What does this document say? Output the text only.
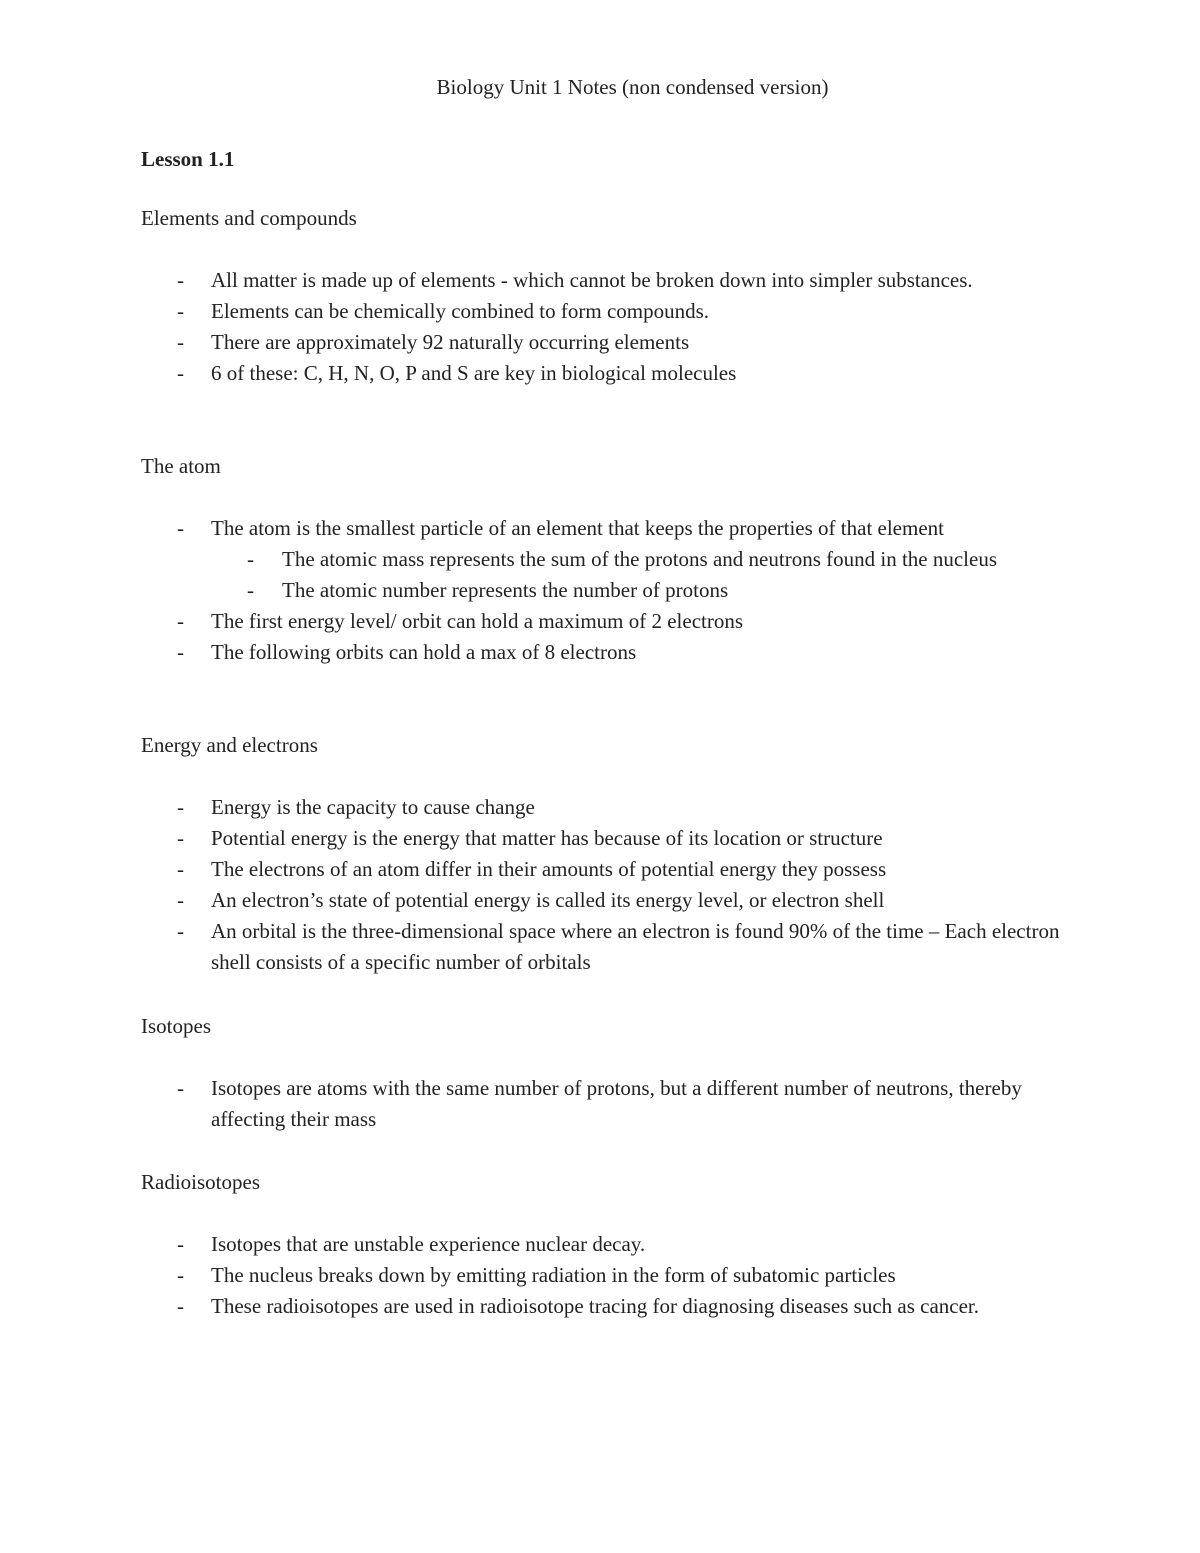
Biology Unit 1 Notes (non condensed version)
Lesson 1.1
Elements and compounds
- All matter is made up of elements - which cannot be broken down into simpler substances.
- Elements can be chemically combined to form compounds.
- There are approximately 92 naturally occurring elements
- 6 of these: C, H, N, O, P and S are key in biological molecules
The atom
- The atom is the smallest particle of an element that keeps the properties of that element
- The atomic mass represents the sum of the protons and neutrons found in the nucleus
- The atomic number represents the number of protons
- The first energy level/ orbit can hold a maximum of 2 electrons
- The following orbits can hold a max of 8 electrons
Energy and electrons
- Energy is the capacity to cause change
- Potential energy is the energy that matter has because of its location or structure
- The electrons of an atom differ in their amounts of potential energy they possess
- An electron’s state of potential energy is called its energy level, or electron shell
- An orbital is the three-dimensional space where an electron is found 90% of the time – Each electron shell consists of a specific number of orbitals
Isotopes
- Isotopes are atoms with the same number of protons, but a different number of neutrons, thereby affecting their mass
Radioisotopes
- Isotopes that are unstable experience nuclear decay.
- The nucleus breaks down by emitting radiation in the form of subatomic particles
- These radioisotopes are used in radioisotope tracing for diagnosing diseases such as cancer.
